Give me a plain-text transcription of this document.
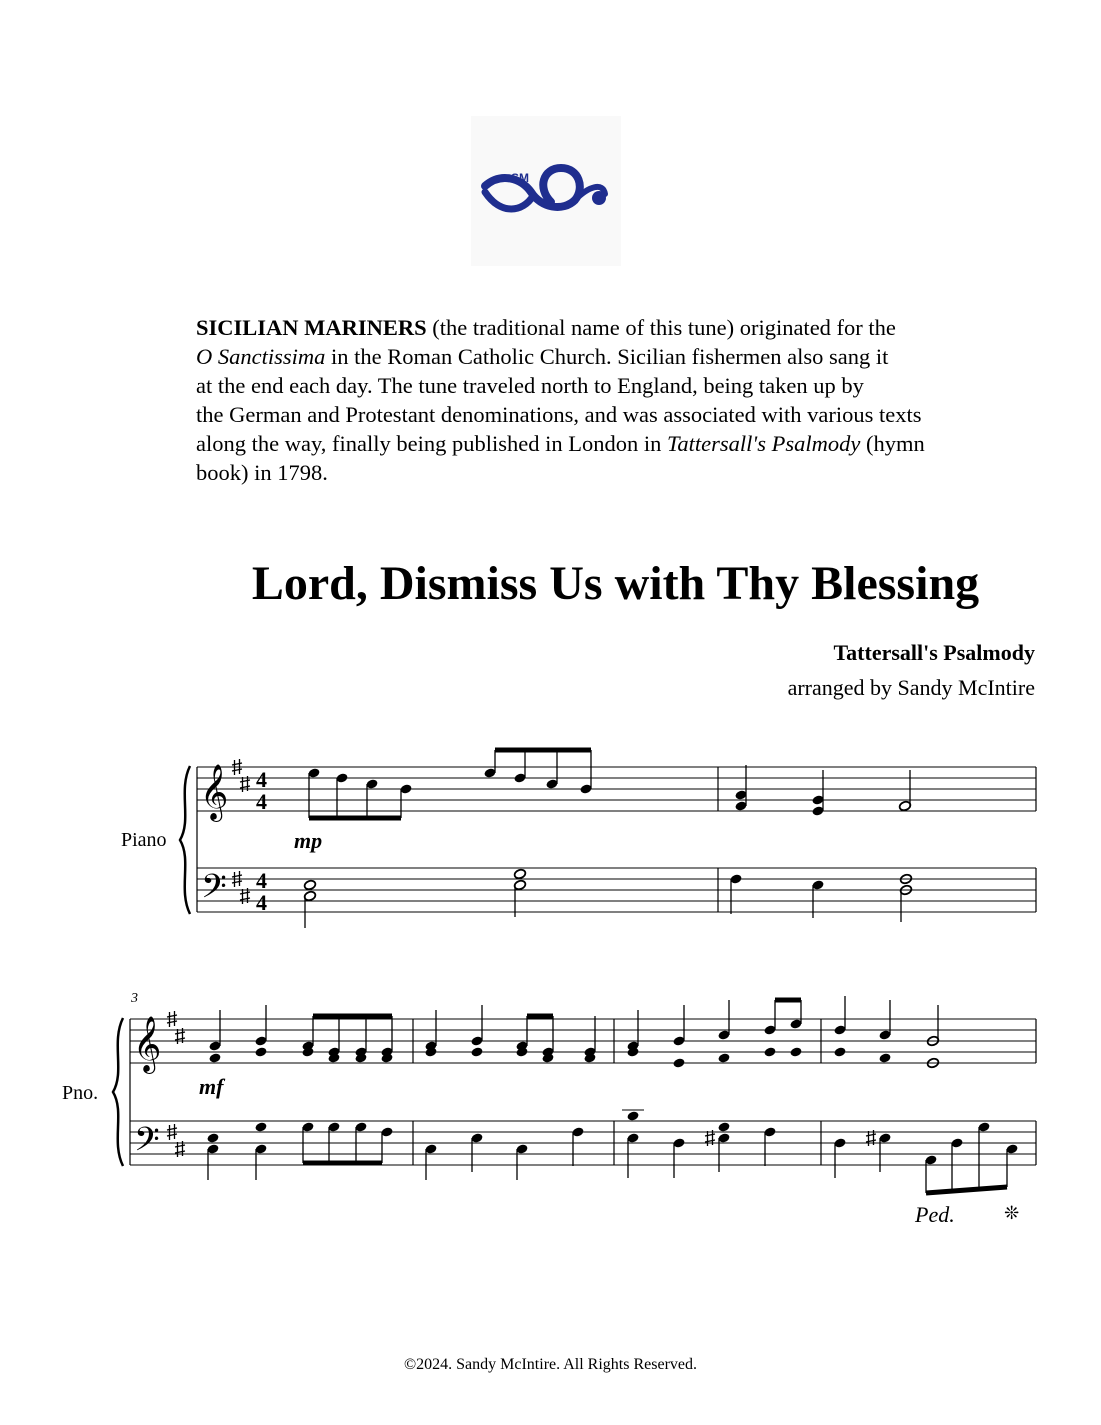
SM

SICILIAN MARINERS (the traditional name of this tune) originated for the

O Sanctissima in the Roman Catholic Church. Sicilian fishermen also sang it

at the end each day. The tune traveled north to England, being taken up by

the German and Protestant denominations, and was associated with various texts

along the way, finally being published in London in Tattersall's Psalmody (hymn

book) in 1798.

Lord, Dismiss Us with Thy Blessing
Tattersall's Psalmody
arranged by Sandy McIntire
Piano
Pno.
𝄞
𝄢
4
4
4
4
mp
3
𝄞
𝄢
mf
Ped.	❊
©2024. Sandy McIntire. All Rights Reserved.
